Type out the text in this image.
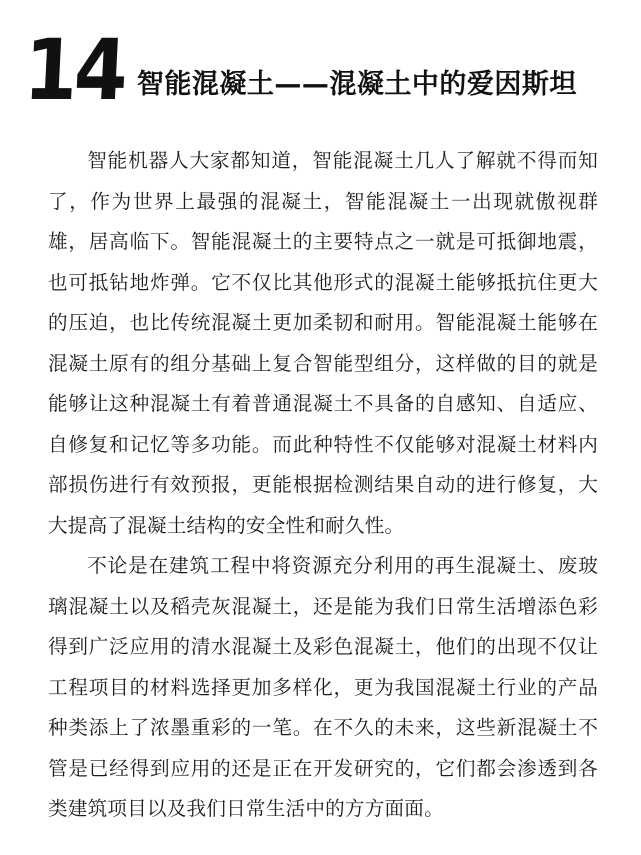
14 智能混凝土——混凝土中的爱因斯坦

智能机器人大家都知道，智能混凝土几人了解就不得而知了，作为世界上最强的混凝土，智能混凝土一出现就傲视群雄，居高临下。智能混凝土的主要特点之一就是可抵御地震，也可抵钻地炸弹。它不仅比其他形式的混凝土能够抵抗住更大的压迫，也比传统混凝土更加柔韧和耐用。智能混凝土能够在混凝土原有的组分基础上复合智能型组分，这样做的目的就是能够让这种混凝土有着普通混凝土不具备的自感知、自适应、自修复和记忆等多功能。而此种特性不仅能够对混凝土材料内部损伤进行有效预报，更能根据检测结果自动的进行修复，大大提高了混凝土结构的安全性和耐久性。

不论是在建筑工程中将资源充分利用的再生混凝土、废玻璃混凝土以及稻壳灰混凝土，还是能为我们日常生活增添色彩得到广泛应用的清水混凝土及彩色混凝土，他们的出现不仅让工程项目的材料选择更加多样化，更为我国混凝土行业的产品种类添上了浓墨重彩的一笔。在不久的未来，这些新混凝土不管是已经得到应用的还是正在开发研究的，它们都会渗透到各类建筑项目以及我们日常生活中的方方面面。
